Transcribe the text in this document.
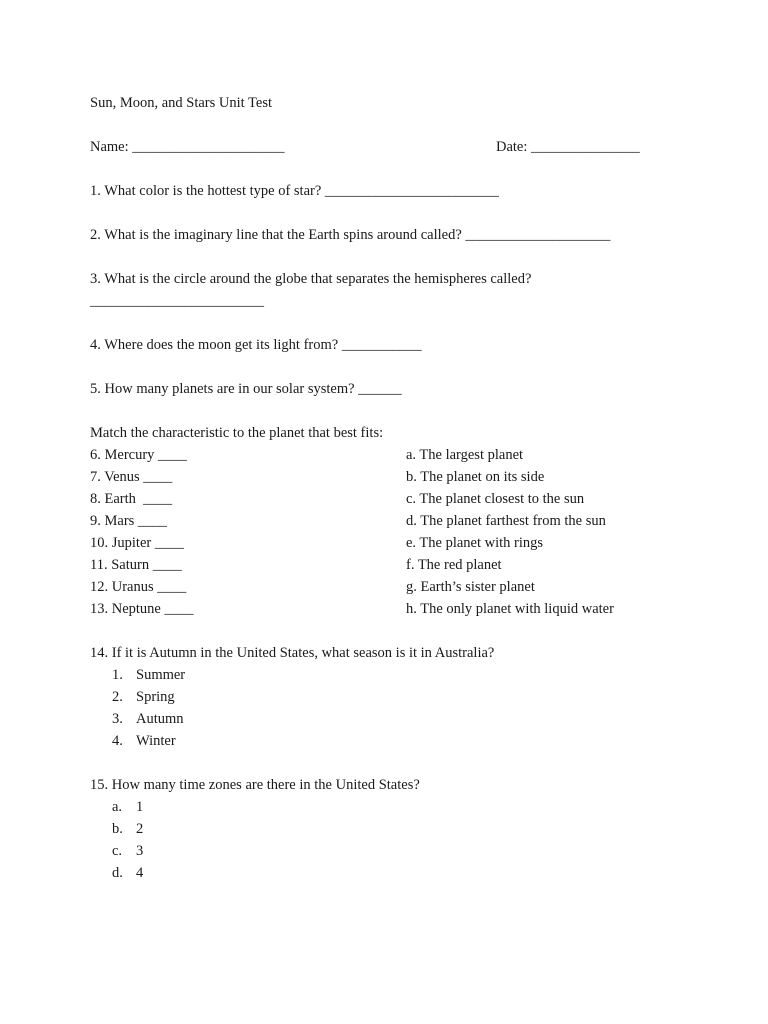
Sun, Moon, and Stars Unit Test
Name: _____________________	Date: _______________
1. What color is the hottest type of star? ________________________
2. What is the imaginary line that the Earth spins around called? ____________________
3. What is the circle around the globe that separates the hemispheres called?
________________________
4. Where does the moon get its light from? ___________
5. How many planets are in our solar system? ______
Match the characteristic to the planet that best fits:
6. Mercury ____	a. The largest planet
7. Venus ____	b. The planet on its side
8. Earth  ____	c. The planet closest to the sun
9. Mars ____	d. The planet farthest from the sun
10. Jupiter ____	e. The planet with rings
11. Saturn ____	f. The red planet
12. Uranus ____	g. Earth’s sister planet
13. Neptune ____	h. The only planet with liquid water
14. If it is Autumn in the United States, what season is it in Australia?
1. Summer
2. Spring
3. Autumn
4. Winter
15. How many time zones are there in the United States?
a. 1
b. 2
c. 3
d. 4
